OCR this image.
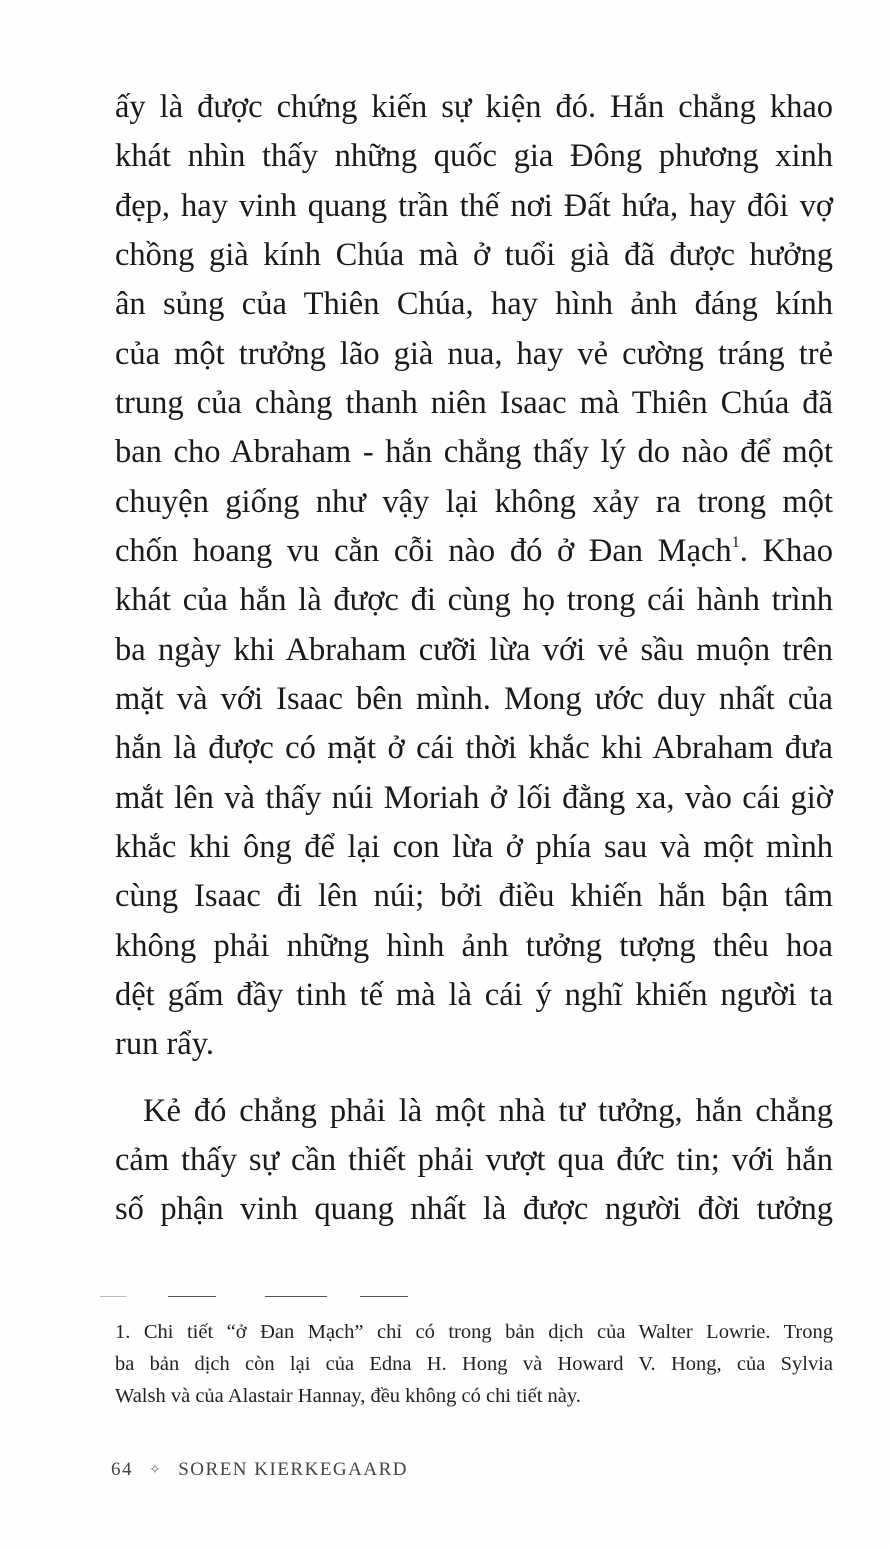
ấy là được chứng kiến sự kiện đó. Hắn chẳng khao
khát nhìn thấy những quốc gia Đông phương xinh
đẹp, hay vinh quang trần thế nơi Đất hứa, hay đôi vợ
chồng già kính Chúa mà ở tuổi già đã được hưởng
ân sủng của Thiên Chúa, hay hình ảnh đáng kính
của một trưởng lão già nua, hay vẻ cường tráng trẻ
trung của chàng thanh niên Isaac mà Thiên Chúa đã
ban cho Abraham - hắn chẳng thấy lý do nào để một
chuyện giống như vậy lại không xảy ra trong một
chốn hoang vu cằn cỗi nào đó ở Đan Mạch$^1$. Khao
khát của hắn là được đi cùng họ trong cái hành trình
ba ngày khi Abraham cưỡi lừa với vẻ sầu muộn trên
mặt và với Isaac bên mình. Mong ước duy nhất của
hắn là được có mặt ở cái thời khắc khi Abraham đưa
mắt lên và thấy núi Moriah ở lối đằng xa, vào cái giờ
khắc khi ông để lại con lừa ở phía sau và một mình
cùng Isaac đi lên núi; bởi điều khiến hắn bận tâm
không phải những hình ảnh tưởng tượng thêu hoa
dệt gấm đầy tinh tế mà là cái ý nghĩ khiến người ta
run rẩy.
Kẻ đó chẳng phải là một nhà tư tưởng, hắn chẳng
cảm thấy sự cần thiết phải vượt qua đức tin; với hắn
số phận vinh quang nhất là được người đời tưởng
1. Chi tiết “ở Đan Mạch” chỉ có trong bản dịch của Walter Lowrie. Trong
ba bản dịch còn lại của Edna H. Hong và Howard V. Hong, của Sylvia
Walsh và của Alastair Hannay, đều không có chi tiết này.
64 ✧ SOREN KIERKEGAARD
